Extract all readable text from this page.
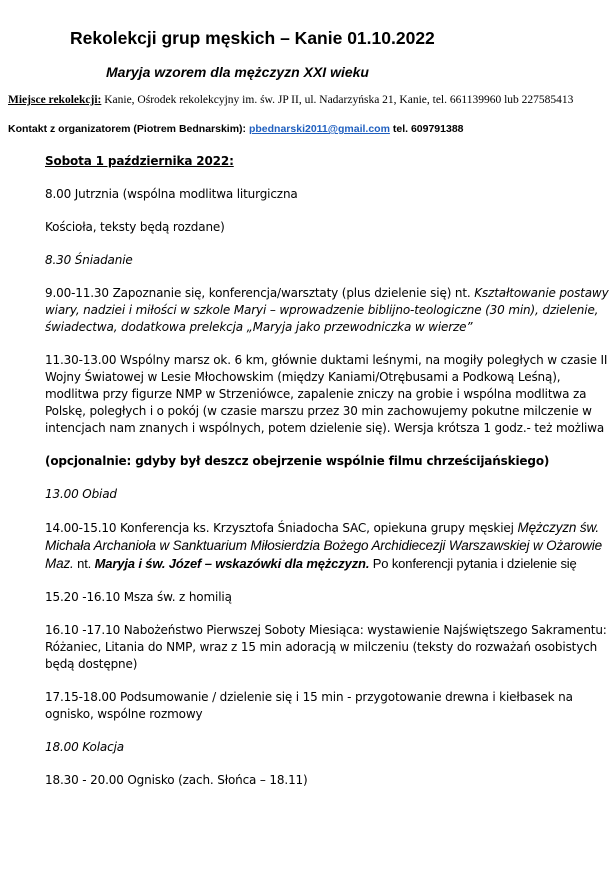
Rekolekcji grup męskich – Kanie 01.10.2022
Maryja wzorem dla mężczyzn XXI wieku

Miejsce rekolekcji: Kanie, Ośrodek rekolekcyjny im. św. JP II, ul. Nadarzyńska 21, Kanie, tel. 661139960 lub 227585413

Kontakt z organizatorem (Piotrem Bednarskim): pbednarski2011@gmail.com tel. 609791388

Sobota 1 października 2022:

8.00 Jutrznia (wspólna modlitwa liturgiczna

Kościoła, teksty będą rozdane)

8.30 Śniadanie

9.00-11.30 Zapoznanie się, konferencja/warsztaty (plus dzielenie się) nt. Kształtowanie postawy wiary, nadziei i miłości w szkole Maryi – wprowadzenie biblijno-teologiczne (30 min), dzielenie, świadectwa, dodatkowa prelekcja „Maryja jako przewodniczka w wierze”

11.30-13.00 Wspólny marsz ok. 6 km, głównie duktami leśnymi, na mogiły poległych w czasie II Wojny Światowej w Lesie Młochowskim (między Kaniami/Otrębusami a Podkową Leśną), modlitwa przy figurze NMP w Strzeniówce, zapalenie zniczy na grobie i wspólna modlitwa za Polskę, poległych i o pokój (w czasie marszu przez 30 min zachowujemy pokutne milczenie w intencjach nam znanych i wspólnych, potem dzielenie się). Wersja krótsza 1 godz.- też możliwa

(opcjonalnie: gdyby był deszcz obejrzenie wspólnie filmu chrześcijańskiego)

13.00 Obiad

14.00-15.10 Konferencja ks. Krzysztofa Śniadocha SAC, opiekuna grupy męskiej Mężczyzn św. Michała Archanioła w Sanktuarium Miłosierdzia Bożego Archidiecezji Warszawskiej w Ożarowie Maz. nt. Maryja i św. Józef – wskazówki dla mężczyzn. Po konferencji pytania i dzielenie się

15.20 -16.10 Msza św. z homilią

16.10 -17.10 Nabożeństwo Pierwszej Soboty Miesiąca: wystawienie Najświętszego Sakramentu: Różaniec, Litania do NMP, wraz z 15 min adoracją w milczeniu (teksty do rozważań osobistych będą dostępne)

17.15-18.00 Podsumowanie / dzielenie się i 15 min - przygotowanie drewna i kiełbasek na ognisko, wspólne rozmowy

18.00 Kolacja

18.30 - 20.00 Ognisko (zach. Słońca – 18.11)
